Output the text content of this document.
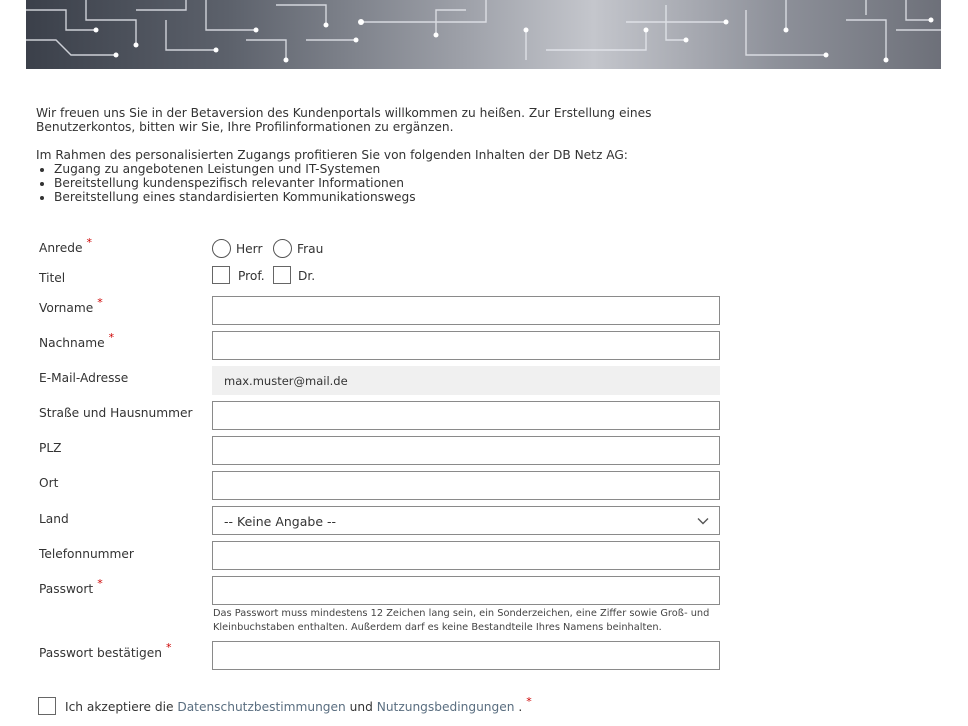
Wir freuen uns Sie in der Betaversion des Kundenportals willkommen zu heißen. Zur Erstellung eines Benutzerkontos, bitten wir Sie, Ihre Profilinformationen zu ergänzen.

Im Rahmen des personalisierten Zugangs profitieren Sie von folgenden Inhalten der DB Netz AG:

• Zugang zu angebotenen Leistungen und IT-Systemen
• Bereitstellung kundenspezifisch relevanter Informationen
• Bereitstellung eines standardisierten Kommunikationswegs
Anrede *	Herr	Frau
Titel	Prof.	Dr.
Vorname *
Nachname *
E-Mail-Adresse	max.muster@mail.de
Straße und Hausnummer
PLZ
Ort
Land	-- Keine Angabe --
Telefonnummer
Passwort *
Das Passwort muss mindestens 12 Zeichen lang sein, ein Sonderzeichen, eine Ziffer sowie Groß- und Kleinbuchstaben enthalten. Außerdem darf es keine Bestandteile Ihres Namens beinhalten.
Passwort bestätigen *
Ich akzeptiere die Datenschutzbestimmungen und Nutzungsbedingungen . *
